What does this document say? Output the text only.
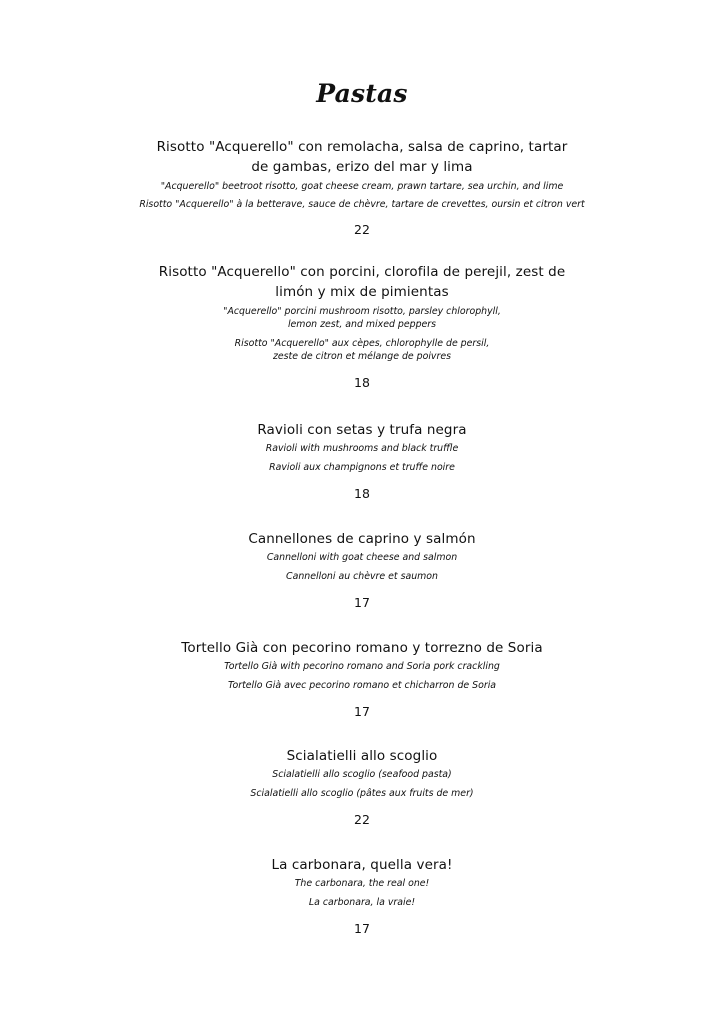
Pastas
Risotto "Acquerello" con remolacha, salsa de caprino, tartar
de gambas, erizo del mar y lima
"Acquerello" beetroot risotto, goat cheese cream, prawn tartare, sea urchin, and lime
Risotto "Acquerello" à la betterave, sauce de chèvre, tartare de crevettes, oursin et citron vert
22
Risotto "Acquerello" con porcini, clorofila de perejil, zest de
limón y mix de pimientas
"Acquerello" porcini mushroom risotto, parsley chlorophyll,
lemon zest, and mixed peppers
Risotto "Acquerello" aux cèpes, chlorophylle de persil,
zeste de citron et mélange de poivres
18
Ravioli con setas y trufa negra
Ravioli with mushrooms and black truffle
Ravioli aux champignons et truffe noire
18
Cannellones de caprino y salmón
Cannelloni with goat cheese and salmon
Cannelloni au chèvre et saumon
17
Tortello Già con pecorino romano y torrezno de Soria
Tortello Già with pecorino romano and Soria pork crackling
Tortello Già avec pecorino romano et chicharron de Soria
17
Scialatielli allo scoglio
Scialatielli allo scoglio (seafood pasta)
Scialatielli allo scoglio (pâtes aux fruits de mer)
22
La carbonara, quella vera!
The carbonara, the real one!
La carbonara, la vraie!
17
